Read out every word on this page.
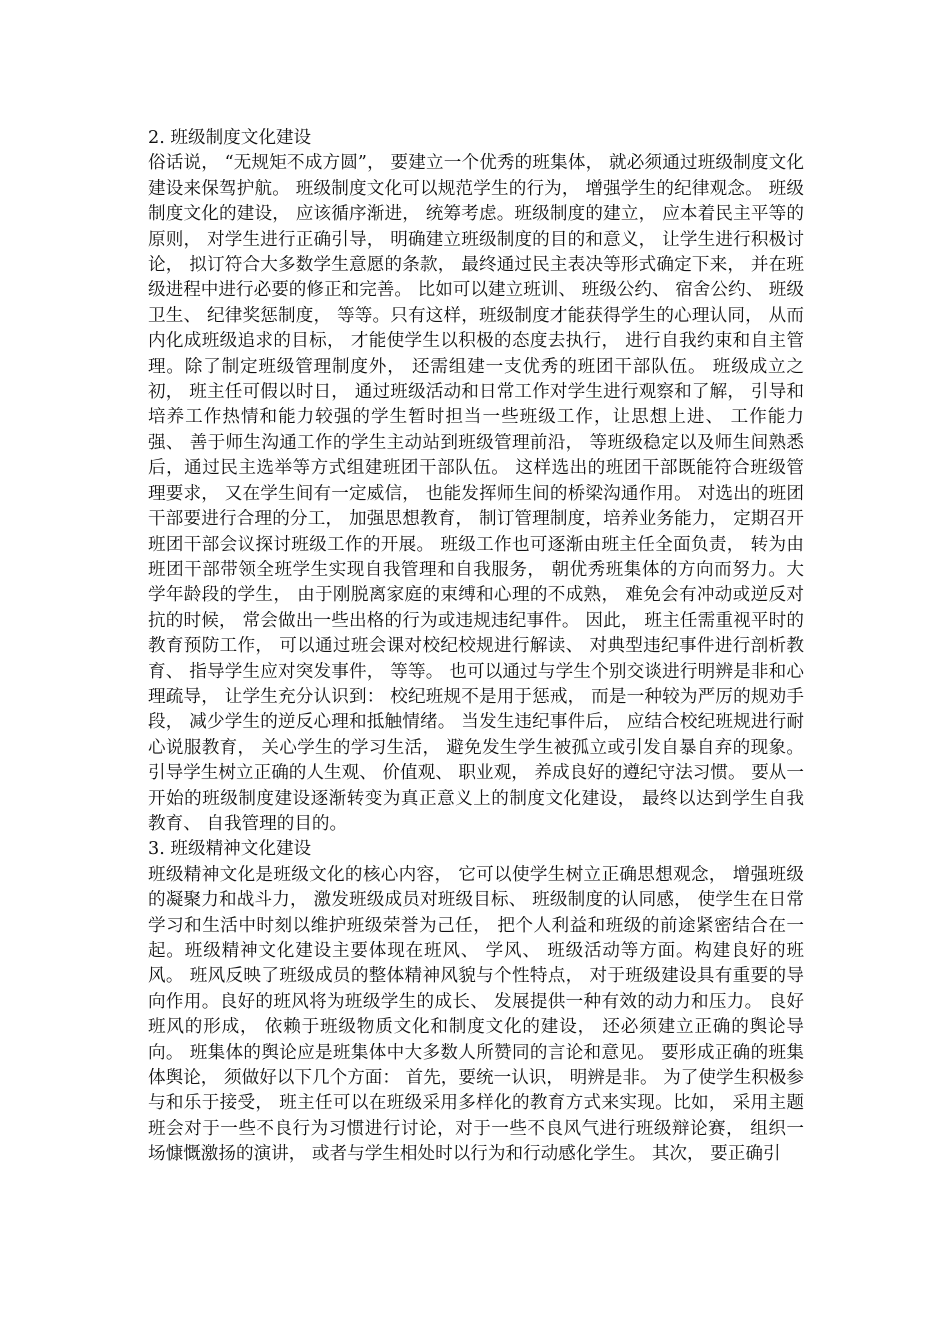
2. 班级制度文化建设

俗话说， “无规矩不成方圆”， 要建立一个优秀的班集体， 就必须通过班级制度文化建设来保驾护航。 班级制度文化可以规范学生的行为， 增强学生的纪律观念。 班级制度文化的建设， 应该循序渐进， 统筹考虑。班级制度的建立， 应本着民主平等的原则， 对学生进行正确引导， 明确建立班级制度的目的和意义， 让学生进行积极讨论， 拟订符合大多数学生意愿的条款， 最终通过民主表决等形式确定下来， 并在班级进程中进行必要的修正和完善。 比如可以建立班训、 班级公约、 宿舍公约、 班级卫生、 纪律奖惩制度， 等等。只有这样，班级制度才能获得学生的心理认同， 从而内化成班级追求的目标， 才能使学生以积极的态度去执行， 进行自我约束和自主管理。除了制定班级管理制度外， 还需组建一支优秀的班团干部队伍。 班级成立之初， 班主任可假以时日， 通过班级活动和日常工作对学生进行观察和了解， 引导和培养工作热情和能力较强的学生暂时担当一些班级工作，让思想上进、 工作能力强、 善于师生沟通工作的学生主动站到班级管理前沿， 等班级稳定以及师生间熟悉后，通过民主选举等方式组建班团干部队伍。 这样选出的班团干部既能符合班级管理要求， 又在学生间有一定威信， 也能发挥师生间的桥梁沟通作用。 对选出的班团干部要进行合理的分工， 加强思想教育， 制订管理制度，培养业务能力， 定期召开班团干部会议探讨班级工作的开展。 班级工作也可逐渐由班主任全面负责， 转为由班团干部带领全班学生实现自我管理和自我服务， 朝优秀班集体的方向而努力。大学年龄段的学生， 由于刚脱离家庭的束缚和心理的不成熟， 难免会有冲动或逆反对抗的时候， 常会做出一些出格的行为或违规违纪事件。 因此， 班主任需重视平时的教育预防工作， 可以通过班会课对校纪校规进行解读、 对典型违纪事件进行剖析教育、 指导学生应对突发事件， 等等。 也可以通过与学生个别交谈进行明辨是非和心理疏导， 让学生充分认识到： 校纪班规不是用于惩戒， 而是一种较为严厉的规劝手段， 减少学生的逆反心理和抵触情绪。 当发生违纪事件后， 应结合校纪班规进行耐心说服教育， 关心学生的学习生活， 避免发生学生被孤立或引发自暴自弃的现象。 引导学生树立正确的人生观、 价值观、 职业观， 养成良好的遵纪守法习惯。 要从一开始的班级制度建设逐渐转变为真正意义上的制度文化建设， 最终以达到学生自我教育、 自我管理的目的。

3. 班级精神文化建设

班级精神文化是班级文化的核心内容， 它可以使学生树立正确思想观念， 增强班级的凝聚力和战斗力， 激发班级成员对班级目标、 班级制度的认同感， 使学生在日常学习和生活中时刻以维护班级荣誉为己任， 把个人利益和班级的前途紧密结合在一起。班级精神文化建设主要体现在班风、 学风、 班级活动等方面。构建良好的班风。 班风反映了班级成员的整体精神风貌与个性特点， 对于班级建设具有重要的导向作用。良好的班风将为班级学生的成长、 发展提供一种有效的动力和压力。 良好班风的形成， 依赖于班级物质文化和制度文化的建设， 还必须建立正确的舆论导向。 班集体的舆论应是班集体中大多数人所赞同的言论和意见。 要形成正确的班集体舆论， 须做好以下几个方面： 首先，要统一认识， 明辨是非。 为了使学生积极参与和乐于接受， 班主任可以在班级采用多样化的教育方式来实现。比如， 采用主题班会对于一些不良行为习惯进行讨论，对于一些不良风气进行班级辩论赛， 组织一场慷慨激扬的演讲， 或者与学生相处时以行为和行动感化学生。 其次， 要正确引
